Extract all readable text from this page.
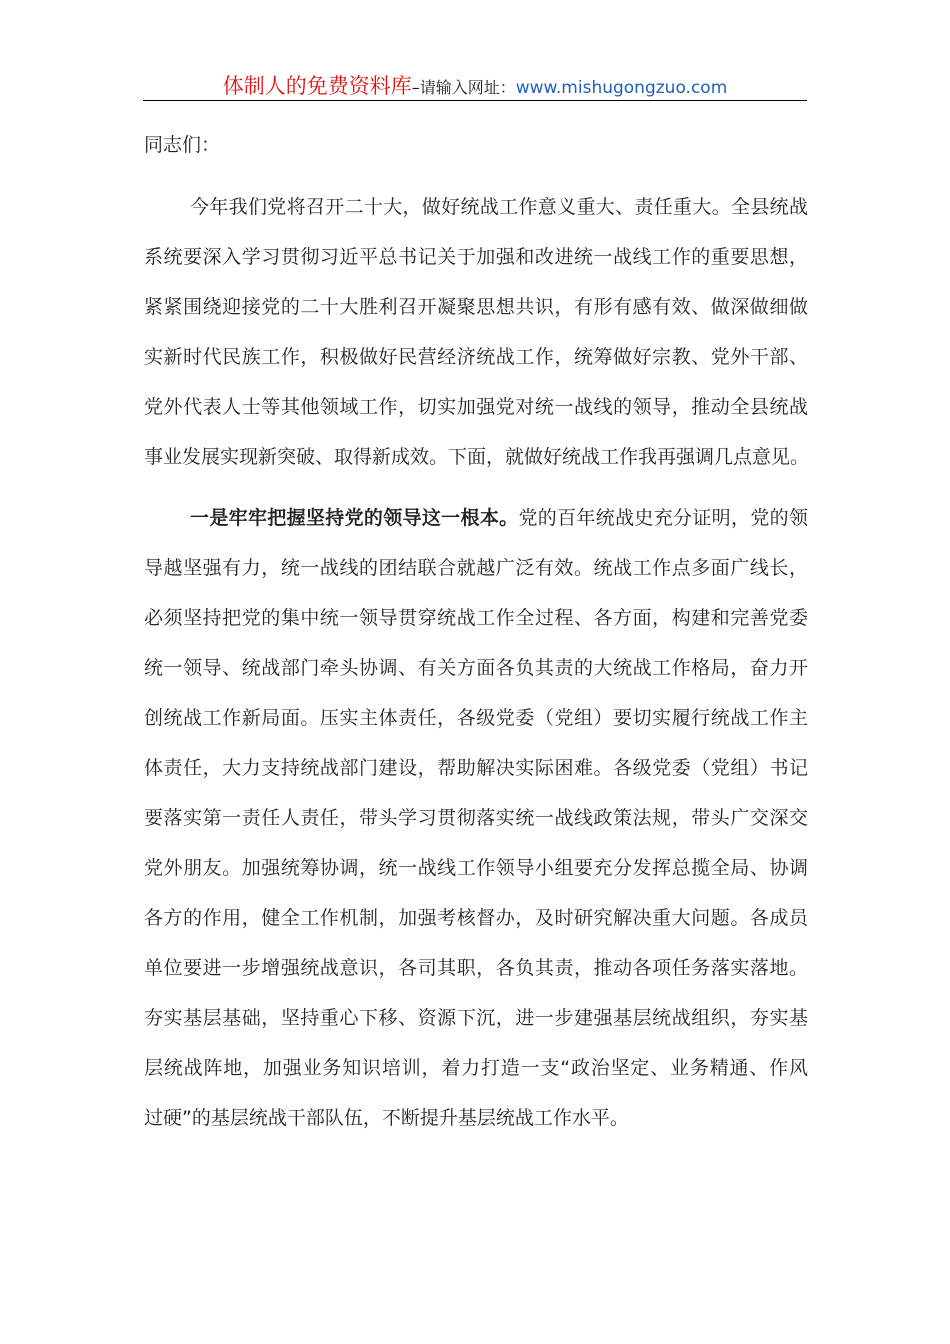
体制人的免费资料库–请输入网址：www.mishugongzuo.com
同志们：
今年我们党将召开二十大，做好统战工作意义重大、责任重大。全县统战
系统要深入学习贯彻习近平总书记关于加强和改进统一战线工作的重要思想，
紧紧围绕迎接党的二十大胜利召开凝聚思想共识，有形有感有效、做深做细做
实新时代民族工作，积极做好民营经济统战工作，统筹做好宗教、党外干部、
党外代表人士等其他领域工作，切实加强党对统一战线的领导，推动全县统战
事业发展实现新突破、取得新成效。下面，就做好统战工作我再强调几点意见。
一是牢牢把握坚持党的领导这一根本。党的百年统战史充分证明，党的领
导越坚强有力，统一战线的团结联合就越广泛有效。统战工作点多面广线长，
必须坚持把党的集中统一领导贯穿统战工作全过程、各方面，构建和完善党委
统一领导、统战部门牵头协调、有关方面各负其责的大统战工作格局，奋力开
创统战工作新局面。压实主体责任，各级党委（党组）要切实履行统战工作主
体责任，大力支持统战部门建设，帮助解决实际困难。各级党委（党组）书记
要落实第一责任人责任，带头学习贯彻落实统一战线政策法规，带头广交深交
党外朋友。加强统筹协调，统一战线工作领导小组要充分发挥总揽全局、协调
各方的作用，健全工作机制，加强考核督办，及时研究解决重大问题。各成员
单位要进一步增强统战意识，各司其职，各负其责，推动各项任务落实落地。
夯实基层基础，坚持重心下移、资源下沉，进一步建强基层统战组织，夯实基
层统战阵地，加强业务知识培训，着力打造一支“政治坚定、业务精通、作风
过硬”的基层统战干部队伍，不断提升基层统战工作水平。
